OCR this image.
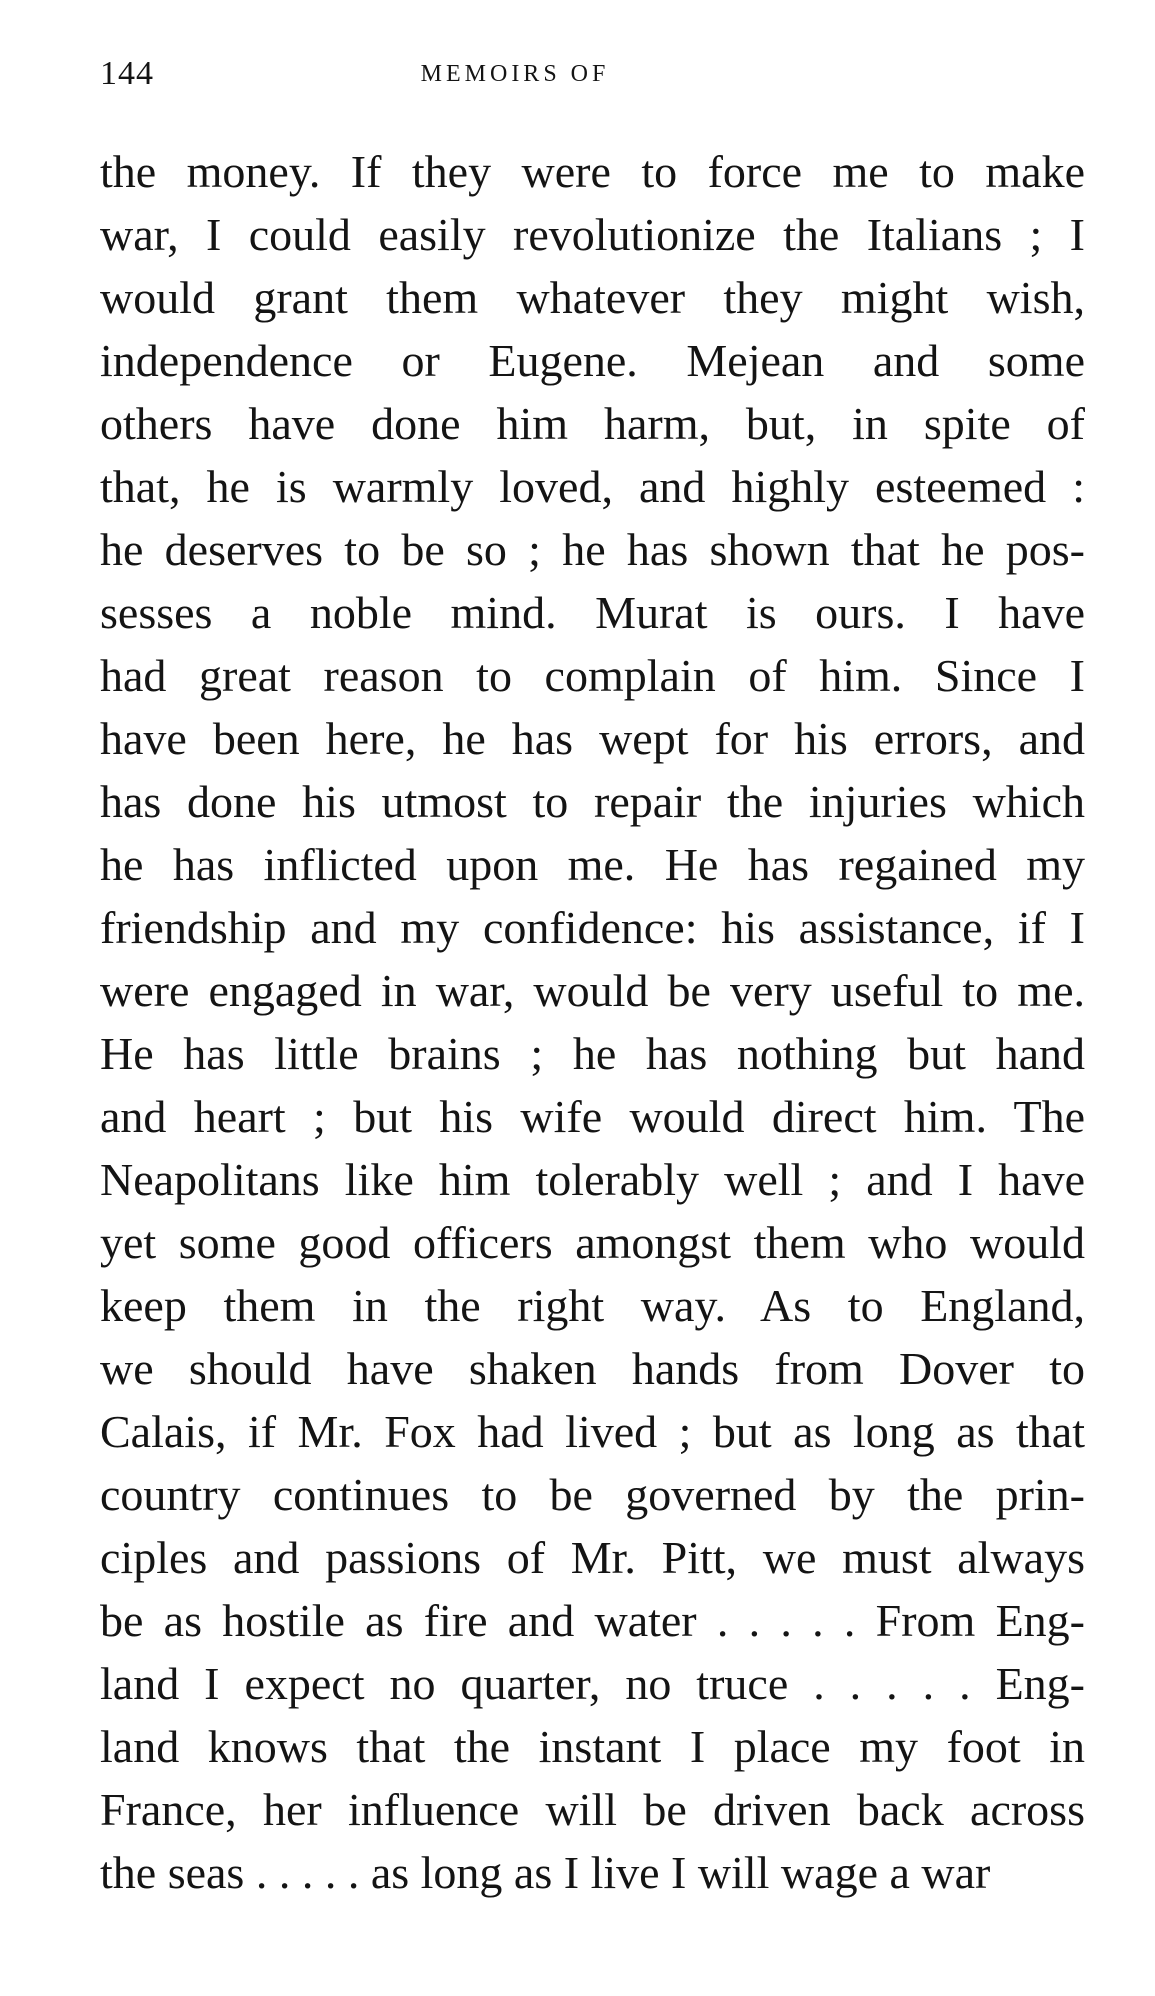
144	MEMOIRS OF
the money. If they were to force me to make
war, I could easily revolutionize the Italians ; I
would grant them whatever they might wish,
independence or Eugene. Mejean and some
others have done him harm, but, in spite of
that, he is warmly loved, and highly esteemed :
he deserves to be so ; he has shown that he pos-
sesses a noble mind. Murat is ours. I have
had great reason to complain of him. Since I
have been here, he has wept for his errors, and
has done his utmost to repair the injuries which
he has inflicted upon me. He has regained my
friendship and my confidence: his assistance, if I
were engaged in war, would be very useful to me.
He has little brains ; he has nothing but hand
and heart ; but his wife would direct him. The
Neapolitans like him tolerably well ; and I have
yet some good officers amongst them who would
keep them in the right way. As to England,
we should have shaken hands from Dover to
Calais, if Mr. Fox had lived ; but as long as that
country continues to be governed by the prin-
ciples and passions of Mr. Pitt, we must always
be as hostile as fire and water . . . . . From Eng-
land I expect no quarter, no truce . . . . . Eng-
land knows that the instant I place my foot in
France, her influence will be driven back across
the seas . . . . . as long as I live I will wage a war
